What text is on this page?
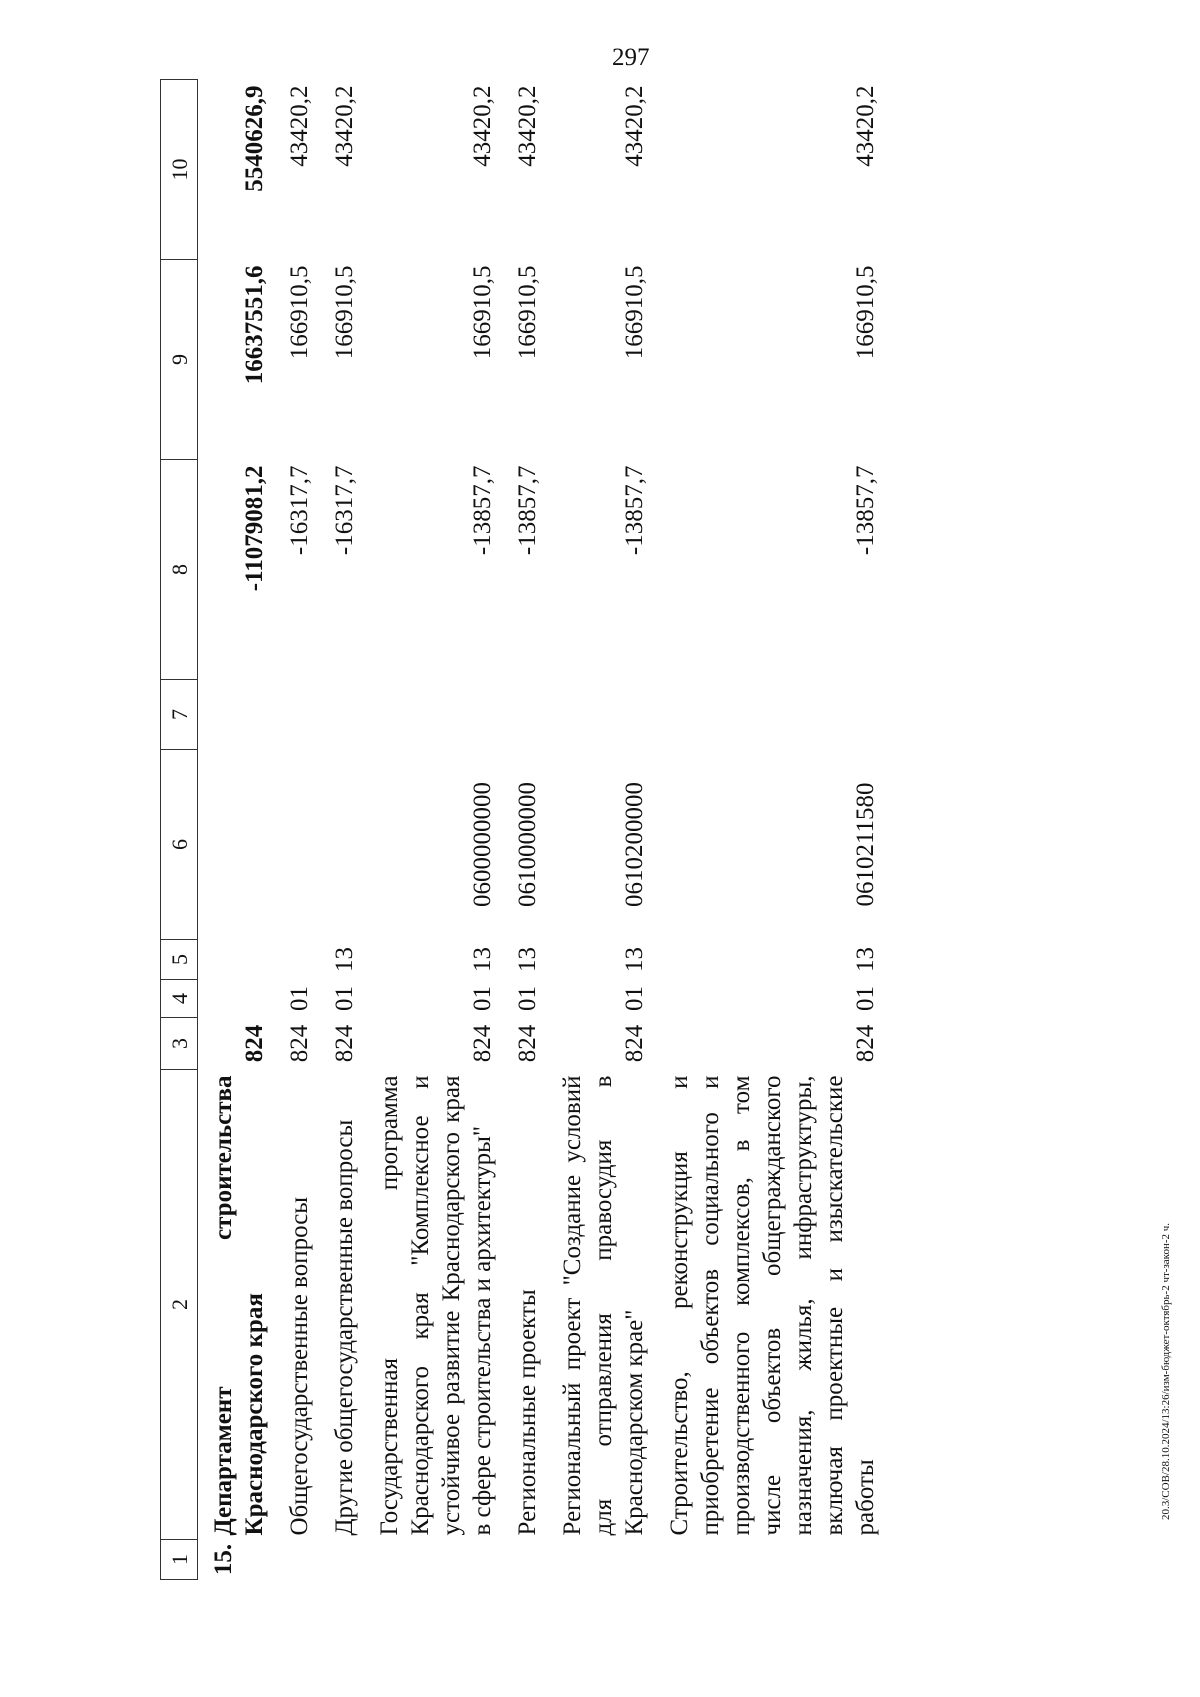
297
20.3/СОВ/28.10.2024/13:26/изм-бюджет-октябрь-2 чт-закон-2 ч.
1	2	3	4	5	6	7	8	9	10
15.	Департамент строительства Краснодарского края	824					-11079081,2	16637551,6	5540626,9
	Общегосударственные вопросы	824	01				-16317,7	166910,5	43420,2
	Другие общегосударственные вопросы	824	01	13			-16317,7	166910,5	43420,2
	Государственная программа Краснодарского края "Комплексное и устойчивое развитие Краснодарского края в сфере строительства и архитектуры"	824	01	13	0600000000		-13857,7	166910,5	43420,2
	Региональные проекты	824	01	13	0610000000		-13857,7	166910,5	43420,2
	Региональный проект "Создание условий для отправления правосудия в Краснодарском крае"	824	01	13	0610200000		-13857,7	166910,5	43420,2
	Строительство, реконструкция и приобретение объектов социального и производственного комплексов, в том числе объектов общегражданского назначения, жилья, инфраструктуры, включая проектные и изыскательские работы	824	01	13	0610211580		-13857,7	166910,5	43420,2
